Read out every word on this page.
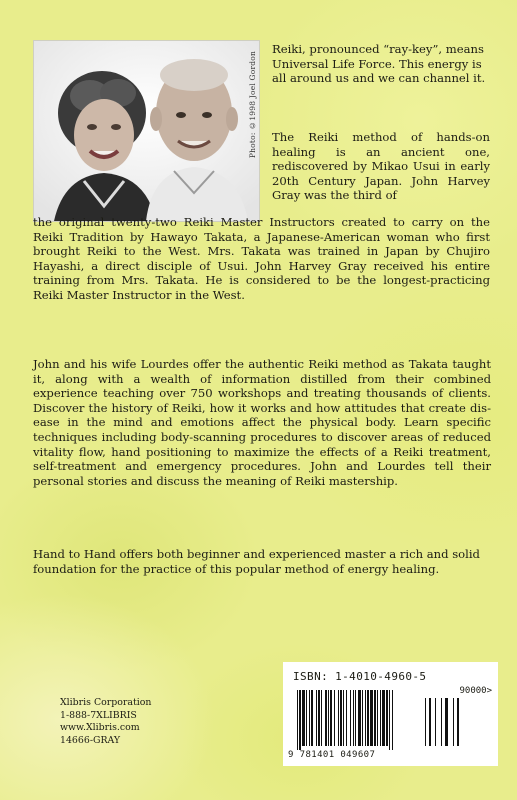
Photo: ©1998 Joel Gordon

Reiki, pronounced “ray-key”, means Universal Life Force. This energy is all around us and we can channel it.

The Reiki method of hands-on healing is an ancient one, rediscovered by Mikao Usui in early 20th Century Japan. John Harvey Gray was the third of

the original twenty-two Reiki Master Instructors created to carry on the Reiki Tradition by Hawayo Takata, a Japanese-American woman who first brought Reiki to the West. Mrs. Takata was trained in Japan by Chujiro Hayashi, a direct disciple of Usui. John Harvey Gray received his entire training from Mrs. Takata. He is considered to be the longest-practicing Reiki Master Instructor in the West.

John and his wife Lourdes offer the authentic Reiki method as Takata taught it, along with a wealth of information distilled from their combined experience teaching over 750 workshops and treating thousands of clients. Discover the history of Reiki, how it works and how attitudes that create dis-ease in the mind and emotions affect the physical body. Learn specific techniques including body-scanning procedures to discover areas of reduced vitality flow, hand positioning to maximize the effects of a Reiki treatment, self-treatment and emergency procedures. John and Lourdes tell their personal stories and discuss the meaning of Reiki mastership.

Hand to Hand offers both beginner and experienced master a rich and solid foundation for the practice of this popular method of energy healing.

Xlibris Corporation
1-888-7XLIBRIS
www.Xlibris.com
14666-GRAY
ISBN: 1-4010-4960-5
90000>
9 781401 049607
